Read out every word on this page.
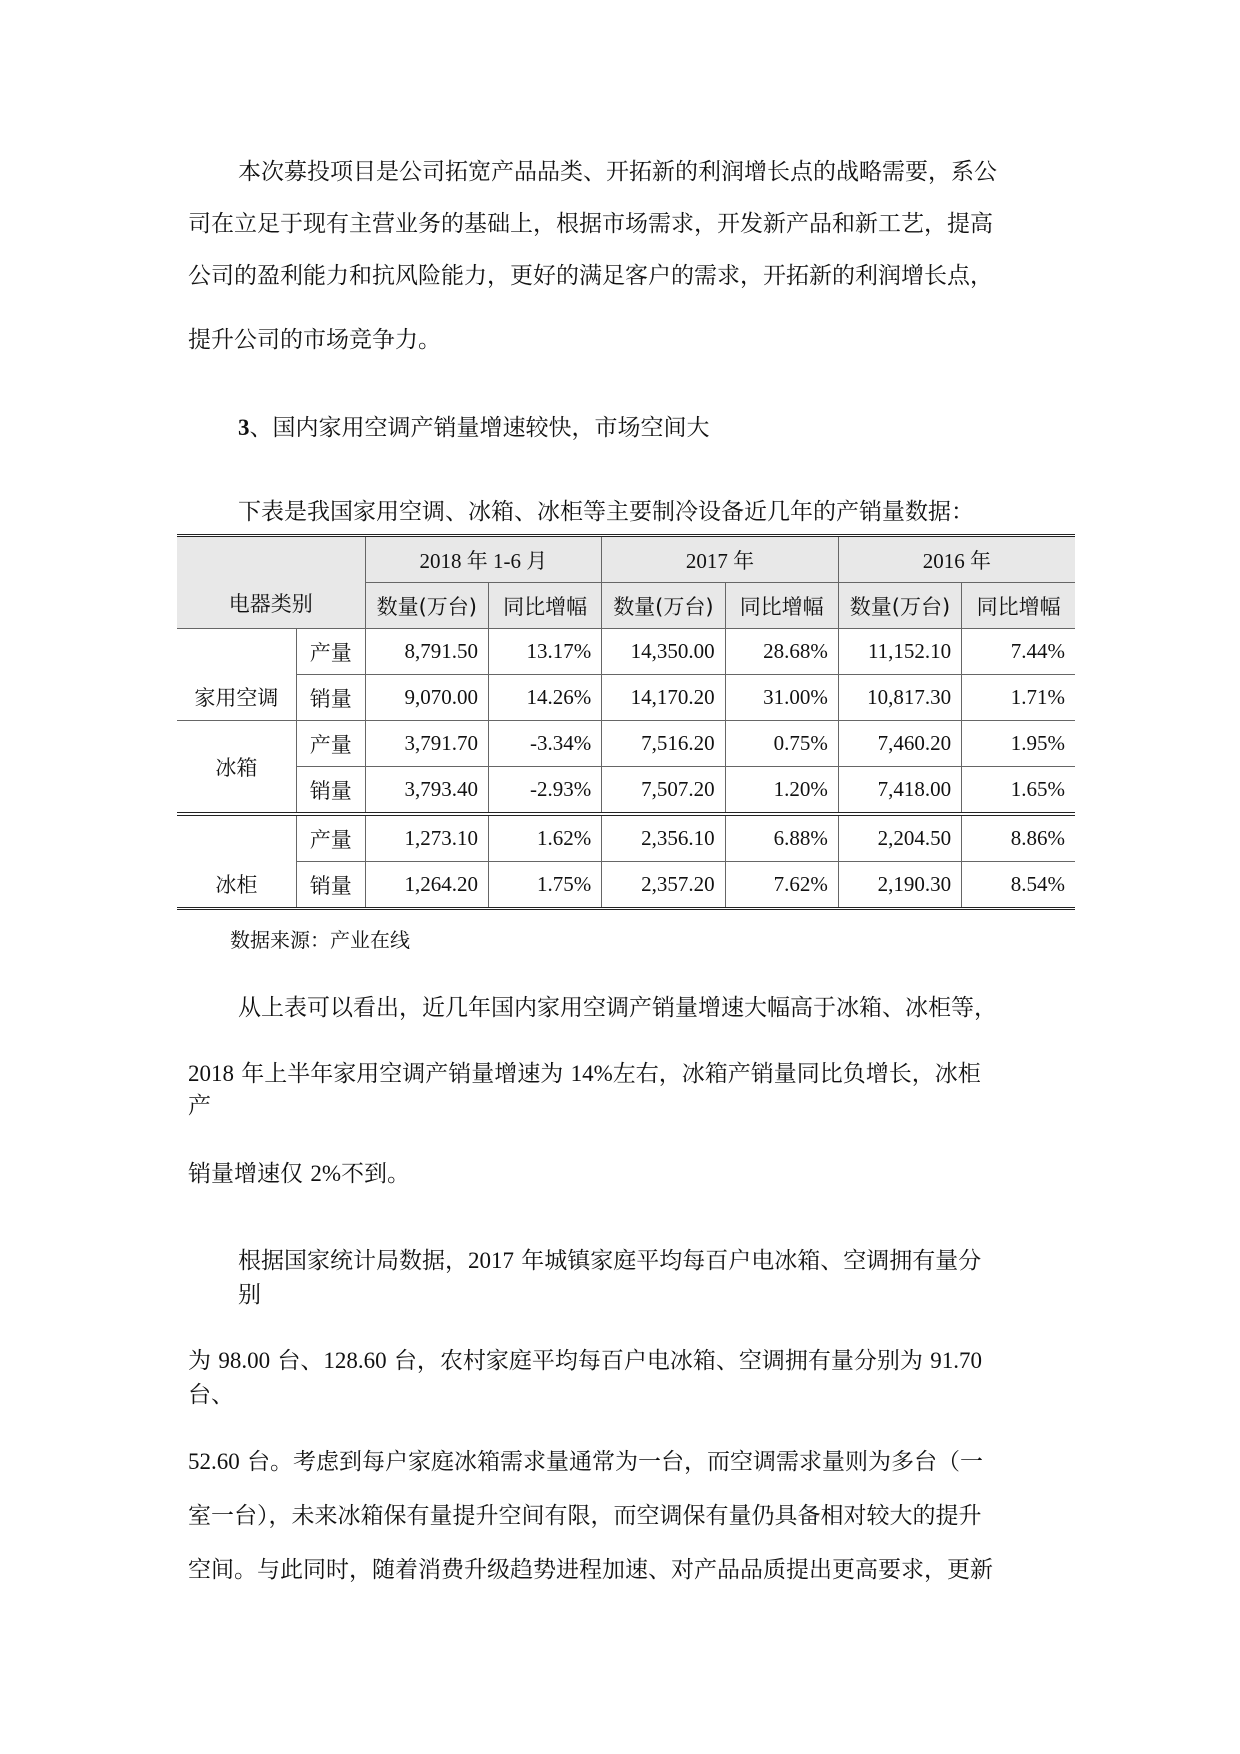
本次募投项目是公司拓宽产品品类、开拓新的利润增长点的战略需要，系公

司在立足于现有主营业务的基础上，根据市场需求，开发新产品和新工艺，提高

公司的盈利能力和抗风险能力，更好的满足客户的需求，开拓新的利润增长点，

提升公司的市场竞争力。

3、国内家用空调产销量增速较快，市场空间大

下表是我国家用空调、冰箱、冰柜等主要制冷设备近几年的产销量数据：

电器类别		2018 年 1-6 月		2017 年		2016 年	
		数量(万台)	同比增幅	数量(万台)	同比增幅	数量(万台)	同比增幅
家用空调	产量	8,791.50	13.17%	14,350.00	28.68%	11,152.10	7.44%
	销量	9,070.00	14.26%	14,170.20	31.00%	10,817.30	1.71%
冰箱	产量	3,791.70	-3.34%	7,516.20	0.75%	7,460.20	1.95%
	销量	3,793.40	-2.93%	7,507.20	1.20%	7,418.00	1.65%
冰柜	产量	1,273.10	1.62%	2,356.10	6.88%	2,204.50	8.86%
	销量	1,264.20	1.75%	2,357.20	7.62%	2,190.30	8.54%

数据来源：产业在线

从上表可以看出，近几年国内家用空调产销量增速大幅高于冰箱、冰柜等，

2018 年上半年家用空调产销量增速为 14%左右，冰箱产销量同比负增长，冰柜

产

销量增速仅 2%不到。

根据国家统计局数据，2017 年城镇家庭平均每百户电冰箱、空调拥有量分

别

为 98.00 台、128.60 台，农村家庭平均每百户电冰箱、空调拥有量分别为 91.70

台、

52.60 台。考虑到每户家庭冰箱需求量通常为一台，而空调需求量则为多台（一

室一台），未来冰箱保有量提升空间有限，而空调保有量仍具备相对较大的提升

空间。与此同时，随着消费升级趋势进程加速、对产品品质提出更高要求，更新
